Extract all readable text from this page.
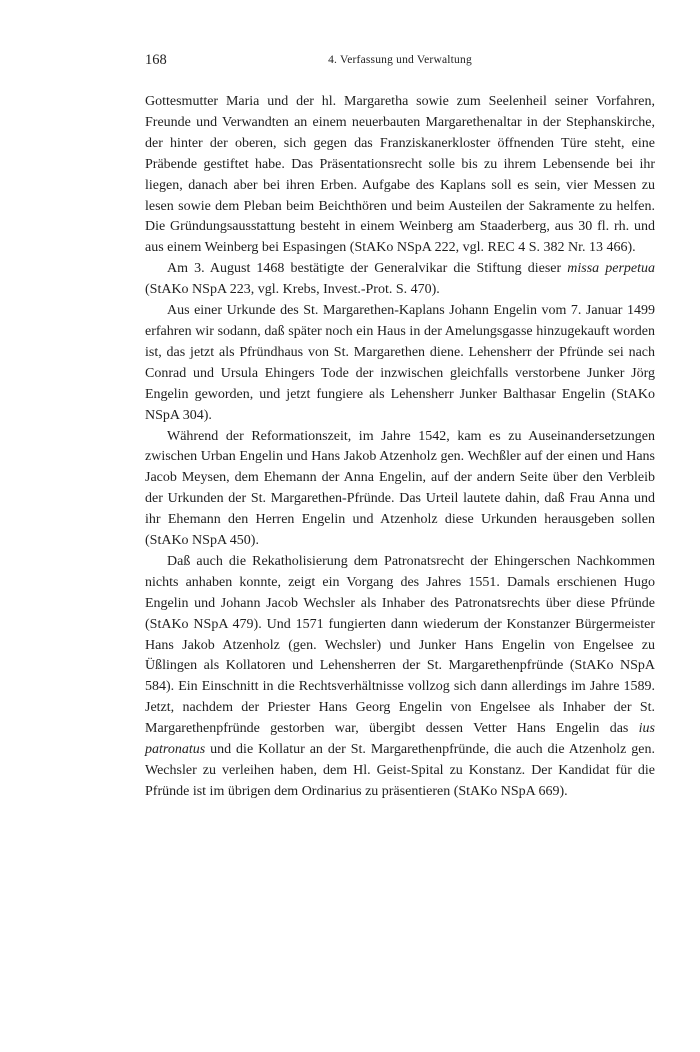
168	4. Verfassung und Verwaltung

Gottesmutter Maria und der hl. Margaretha sowie zum Seelenheil seiner Vorfahren, Freunde und Verwandten an einem neuerbauten Margarethenaltar in der Stephanskirche, der hinter der oberen, sich gegen das Franziskanerkloster öffnenden Türe steht, eine Präbende gestiftet habe. Das Präsentationsrecht solle bis zu ihrem Lebensende bei ihr liegen, danach aber bei ihren Erben. Aufgabe des Kaplans soll es sein, vier Messen zu lesen sowie dem Pleban beim Beichthören und beim Austeilen der Sakramente zu helfen. Die Gründungsausstattung besteht in einem Weinberg am Staaderberg, aus 30 fl. rh. und aus einem Weinberg bei Espasingen (StAKo NSpA 222, vgl. REC 4 S. 382 Nr. 13 466).

Am 3. August 1468 bestätigte der Generalvikar die Stiftung dieser missa perpetua (StAKo NSpA 223, vgl. Krebs, Invest.-Prot. S. 470).

Aus einer Urkunde des St. Margarethen-Kaplans Johann Engelin vom 7. Januar 1499 erfahren wir sodann, daß später noch ein Haus in der Amelungsgasse hinzugekauft worden ist, das jetzt als Pfründhaus von St. Margarethen diene. Lehensherr der Pfründe sei nach Conrad und Ursula Ehingers Tode der inzwischen gleichfalls verstorbene Junker Jörg Engelin geworden, und jetzt fungiere als Lehensherr Junker Balthasar Engelin (StAKo NSpA 304).

Während der Reformationszeit, im Jahre 1542, kam es zu Auseinandersetzungen zwischen Urban Engelin und Hans Jakob Atzenholz gen. Wechßler auf der einen und Hans Jacob Meysen, dem Ehemann der Anna Engelin, auf der andern Seite über den Verbleib der Urkunden der St. Margarethen-Pfründe. Das Urteil lautete dahin, daß Frau Anna und ihr Ehemann den Herren Engelin und Atzenholz diese Urkunden herausgeben sollen (StAKo NSpA 450).

Daß auch die Rekatholisierung dem Patronatsrecht der Ehingerschen Nachkommen nichts anhaben konnte, zeigt ein Vorgang des Jahres 1551. Damals erschienen Hugo Engelin und Johann Jacob Wechsler als Inhaber des Patronatsrechts über diese Pfründe (StAKo NSpA 479). Und 1571 fungierten dann wiederum der Konstanzer Bürgermeister Hans Jakob Atzenholz (gen. Wechsler) und Junker Hans Engelin von Engelsee zu Üßlingen als Kollatoren und Lehensherren der St. Margarethenpfründe (StAKo NSpA 584). Ein Einschnitt in die Rechtsverhältnisse vollzog sich dann allerdings im Jahre 1589. Jetzt, nachdem der Priester Hans Georg Engelin von Engelsee als Inhaber der St. Margarethenpfründe gestorben war, übergibt dessen Vetter Hans Engelin das ius patronatus und die Kollatur an der St. Margarethenpfründe, die auch die Atzenholz gen. Wechsler zu verleihen haben, dem Hl. Geist-Spital zu Konstanz. Der Kandidat für die Pfründe ist im übrigen dem Ordinarius zu präsentieren (StAKo NSpA 669).
